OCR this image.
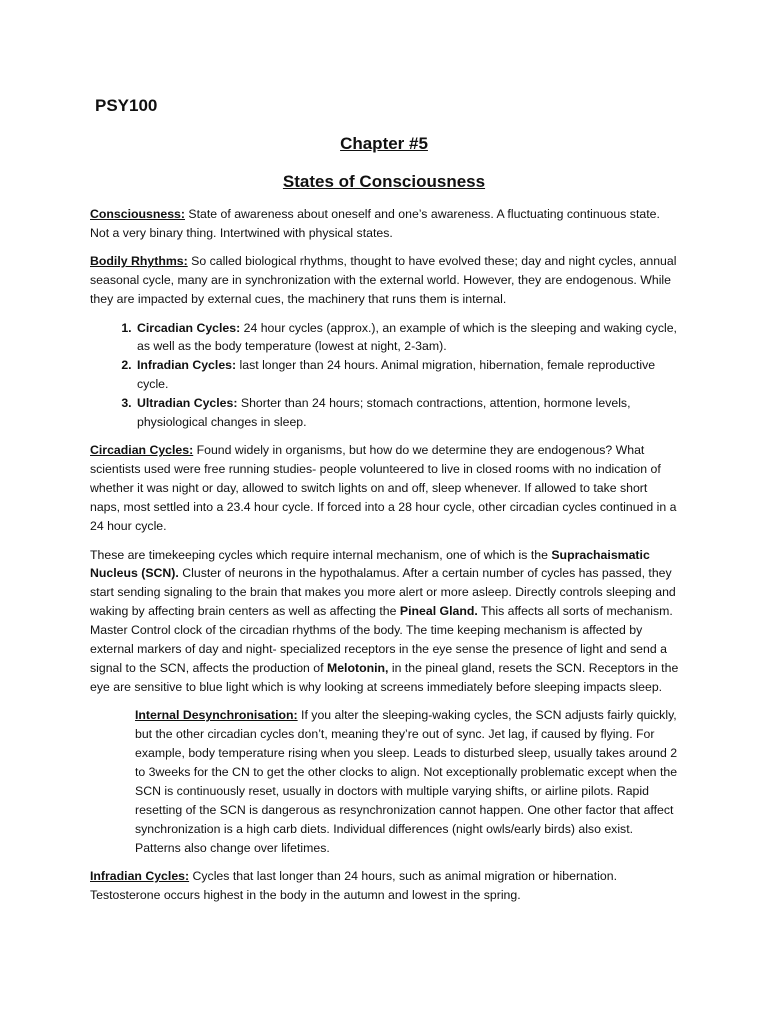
PSY100

Chapter #5

States of Consciousness

Consciousness: State of awareness about oneself and one’s awareness. A fluctuating continuous state. Not a very binary thing. Intertwined with physical states.

Bodily Rhythms: So called biological rhythms, thought to have evolved these; day and night cycles, annual seasonal cycle, many are in synchronization with the external world. However, they are endogenous. While they are impacted by external cues, the machinery that runs them is internal.

1. Circadian Cycles: 24 hour cycles (approx.), an example of which is the sleeping and waking cycle, as well as the body temperature (lowest at night, 2-3am).
2. Infradian Cycles: last longer than 24 hours. Animal migration, hibernation, female reproductive cycle.
3. Ultradian Cycles: Shorter than 24 hours; stomach contractions, attention, hormone levels, physiological changes in sleep.

Circadian Cycles: Found widely in organisms, but how do we determine they are endogenous? What scientists used were free running studies- people volunteered to live in closed rooms with no indication of whether it was night or day, allowed to switch lights on and off, sleep whenever. If allowed to take short naps, most settled into a 23.4 hour cycle. If forced into a 28 hour cycle, other circadian cycles continued in a 24 hour cycle.

These are timekeeping cycles which require internal mechanism, one of which is the Suprachaismatic Nucleus (SCN). Cluster of neurons in the hypothalamus. After a certain number of cycles has passed, they start sending signaling to the brain that makes you more alert or more asleep. Directly controls sleeping and waking by affecting brain centers as well as affecting the Pineal Gland. This affects all sorts of mechanism. Master Control clock of the circadian rhythms of the body. The time keeping mechanism is affected by external markers of day and night- specialized receptors in the eye sense the presence of light and send a signal to the SCN, affects the production of Melotonin, in the pineal gland, resets the SCN. Receptors in the eye are sensitive to blue light which is why looking at screens immediately before sleeping impacts sleep.

Internal Desynchronisation: If you alter the sleeping-waking cycles, the SCN adjusts fairly quickly, but the other circadian cycles don’t, meaning they’re out of sync. Jet lag, if caused by flying. For example, body temperature rising when you sleep. Leads to disturbed sleep, usually takes around 2 to 3weeks for the CN to get the other clocks to align. Not exceptionally problematic except when the SCN is continuously reset, usually in doctors with multiple varying shifts, or airline pilots. Rapid resetting of the SCN is dangerous as resynchronization cannot happen. One other factor that affect synchronization is a high carb diets. Individual differences (night owls/early birds) also exist. Patterns also change over lifetimes.

Infradian Cycles: Cycles that last longer than 24 hours, such as animal migration or hibernation. Testosterone occurs highest in the body in the autumn and lowest in the spring.
